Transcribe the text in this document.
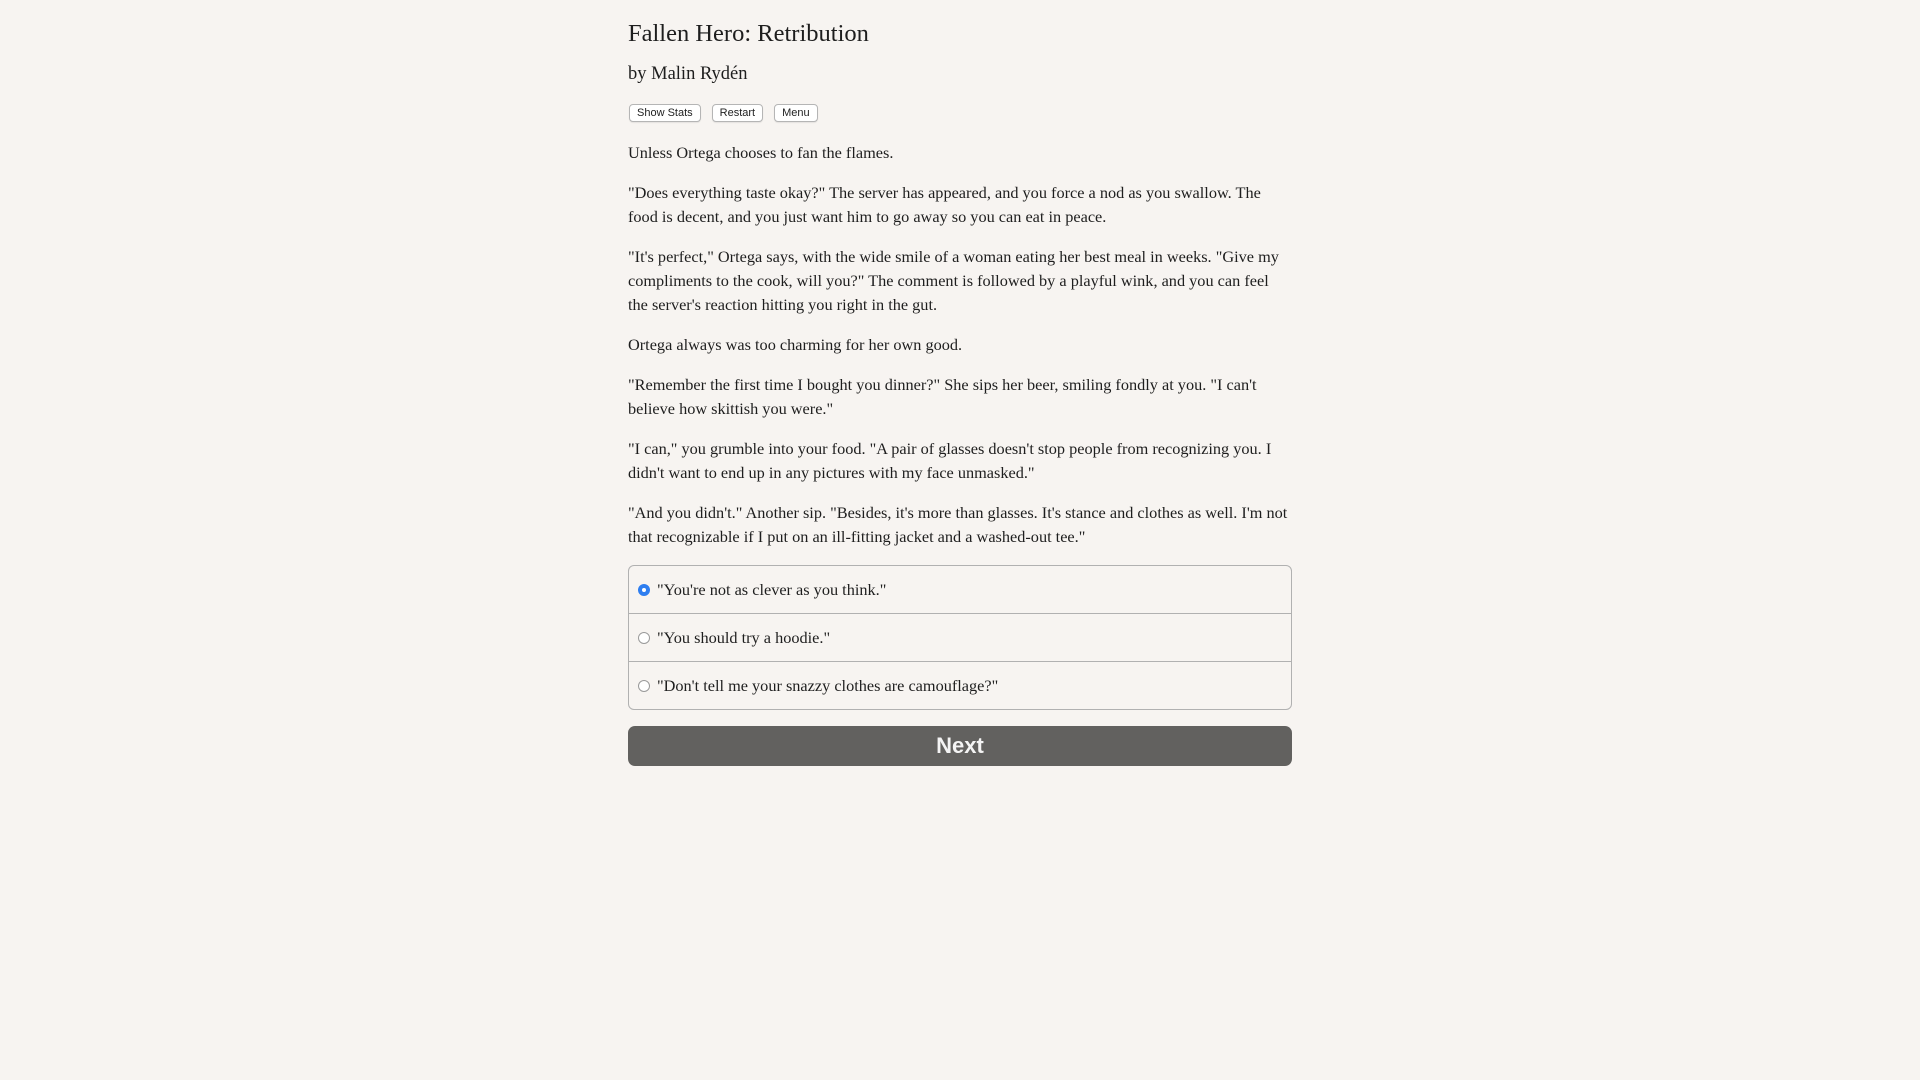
Fallen Hero: Retribution
by Malin Rydén
Show Stats	Restart	Menu

Unless Ortega chooses to fan the flames.

"Does everything taste okay?" The server has appeared, and you force a nod as you swallow. The food is decent, and you just want him to go away so you can eat in peace.

"It's perfect," Ortega says, with the wide smile of a woman eating her best meal in weeks. "Give my compliments to the cook, will you?" The comment is followed by a playful wink, and you can feel the server's reaction hitting you right in the gut.

Ortega always was too charming for her own good.

"Remember the first time I bought you dinner?" She sips her beer, smiling fondly at you. "I can't believe how skittish you were."

"I can," you grumble into your food. "A pair of glasses doesn't stop people from recognizing you. I didn't want to end up in any pictures with my face unmasked."

"And you didn't." Another sip. "Besides, it's more than glasses. It's stance and clothes as well. I'm not that recognizable if I put on an ill-fitting jacket and a washed-out tee."

"You're not as clever as you think."
"You should try a hoodie."
"Don't tell me your snazzy clothes are camouflage?"
Next
